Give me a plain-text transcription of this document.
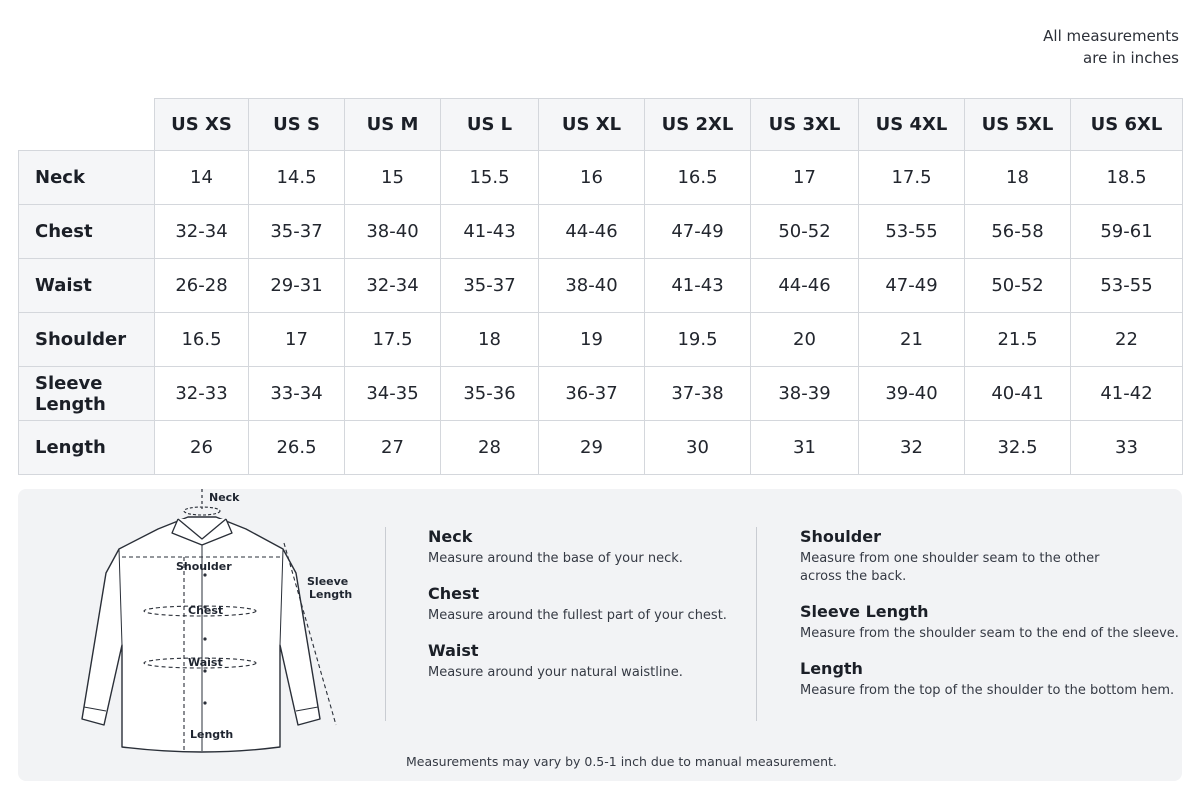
All measurements
are in inches
	US XS	US S	US M	US L	US XL	US 2XL	US 3XL	US 4XL	US 5XL	US 6XL
Neck	14	14.5	15	15.5	16	16.5	17	17.5	18	18.5
Chest	32-34	35-37	38-40	41-43	44-46	47-49	50-52	53-55	56-58	59-61
Waist	26-28	29-31	32-34	35-37	38-40	41-43	44-46	47-49	50-52	53-55
Shoulder	16.5	17	17.5	18	19	19.5	20	21	21.5	22
Sleeve Length	32-33	33-34	34-35	35-36	36-37	37-38	38-39	39-40	40-41	41-42
Length	26	26.5	27	28	29	30	31	32	32.5	33
Neck
Shoulder
Chest
Waist
Length
Sleeve
Length
Neck
Measure around the base of your neck.
Chest
Measure around the fullest part of your chest.
Waist
Measure around your natural waistline.
Shoulder
Measure from one shoulder seam to the other
across the back.
Sleeve Length
Measure from the shoulder seam to the end of the sleeve.
Length
Measure from the top of the shoulder to the bottom hem.
Measurements may vary by 0.5-1 inch due to manual measurement.
